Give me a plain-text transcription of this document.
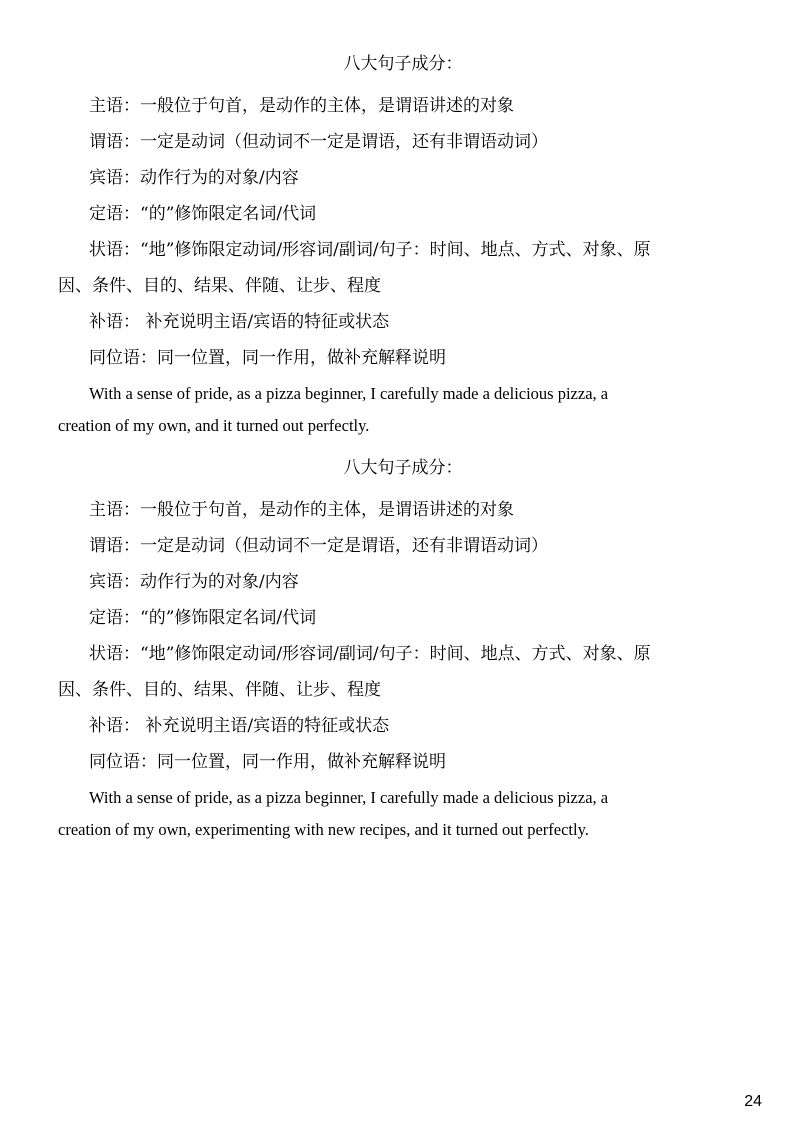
八大句子成分：
主语：一般位于句首，是动作的主体，是谓语讲述的对象
谓语：一定是动词（但动词不一定是谓语，还有非谓语动词）
宾语：动作行为的对象/内容
定语：“的”修饰限定名词/代词
状语：“地”修饰限定动词/形容词/副词/句子：时间、地点、方式、对象、原
因、条件、目的、结果、伴随、让步、程度
补语： 补充说明主语/宾语的特征或状态
同位语：同一位置，同一作用，做补充解释说明
With a sense of pride, as a pizza beginner, I carefully made a delicious pizza, a
creation of my own, and it turned out perfectly.
八大句子成分：
主语：一般位于句首，是动作的主体，是谓语讲述的对象
谓语：一定是动词（但动词不一定是谓语，还有非谓语动词）
宾语：动作行为的对象/内容
定语：“的”修饰限定名词/代词
状语：“地”修饰限定动词/形容词/副词/句子：时间、地点、方式、对象、原
因、条件、目的、结果、伴随、让步、程度
补语： 补充说明主语/宾语的特征或状态
同位语：同一位置，同一作用，做补充解释说明
With a sense of pride, as a pizza beginner, I carefully made a delicious pizza, a
creation of my own, experimenting with new recipes, and it turned out perfectly.
24
